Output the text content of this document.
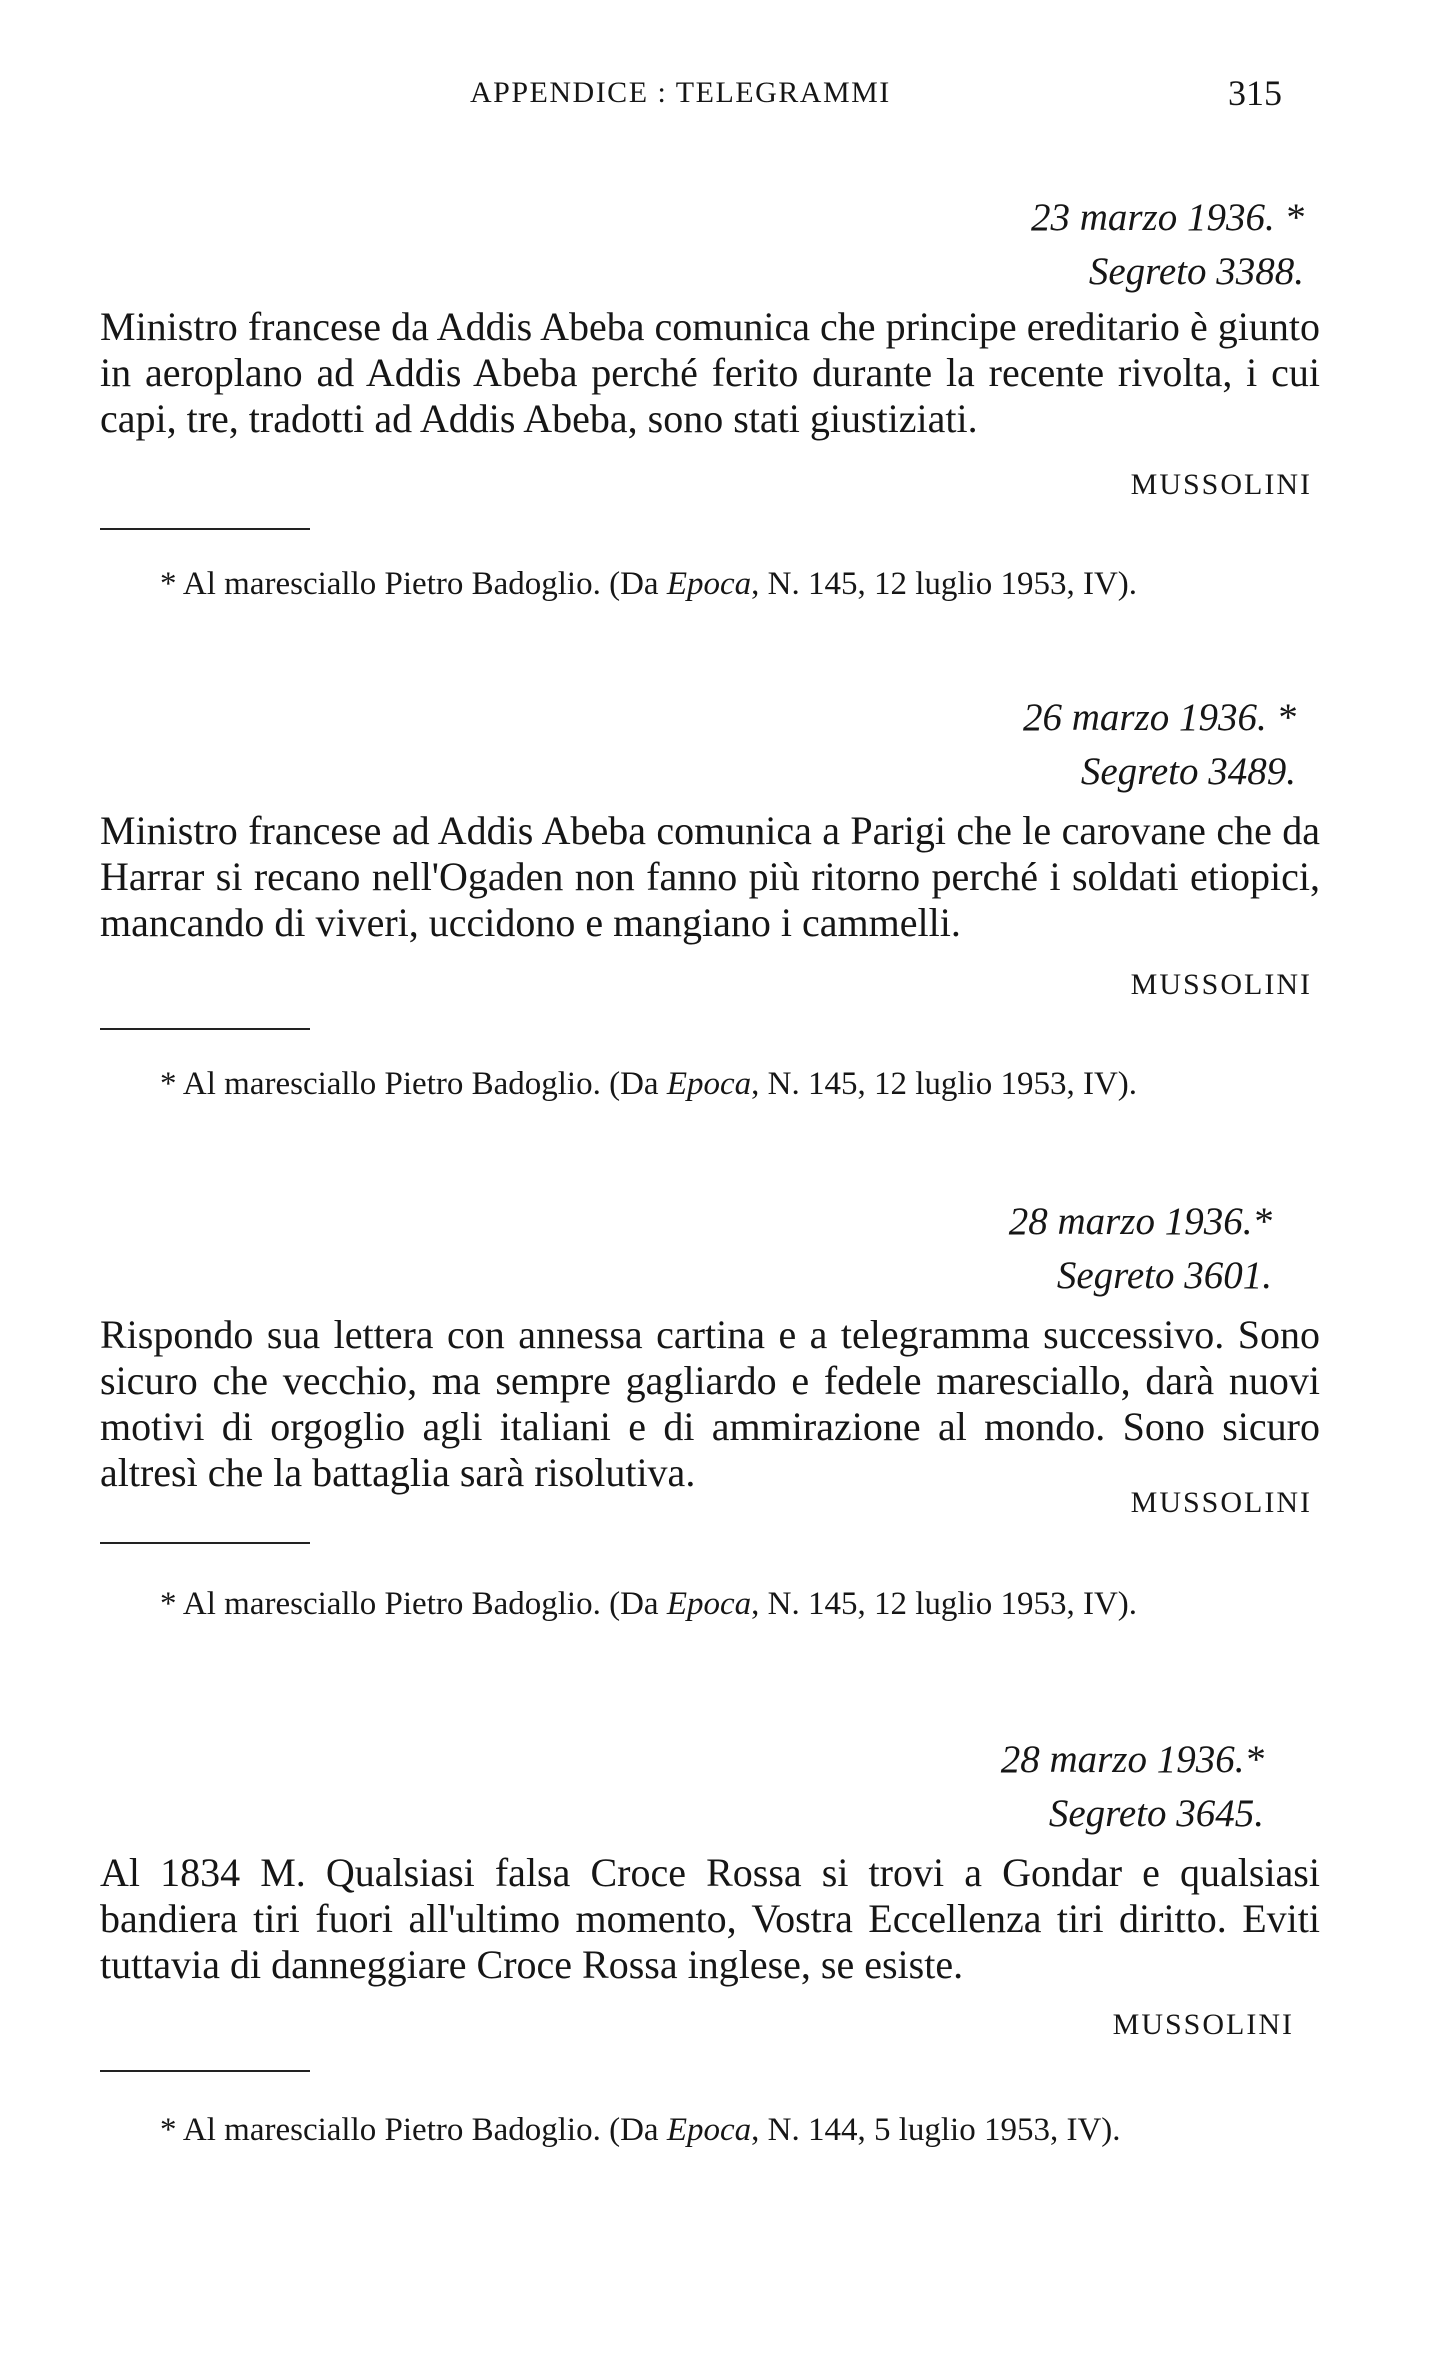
APPENDICE : TELEGRAMMI	315
23 marzo 1936. *
Segreto 3388.

Ministro francese da Addis Abeba comunica che principe ereditario è giunto in aeroplano ad Addis Abeba perché ferito durante la recente rivolta, i cui capi, tre, tradotti ad Addis Abeba, sono stati giustiziati.

MUSSOLINI
* Al maresciallo Pietro Badoglio. (Da Epoca, N. 145, 12 luglio 1953, IV).
26 marzo 1936. *
Segreto 3489.

Ministro francese ad Addis Abeba comunica a Parigi che le carovane che da Harrar si recano nell'Ogaden non fanno più ritorno perché i soldati etiopici, mancando di viveri, uccidono e mangiano i cammelli.

MUSSOLINI
* Al maresciallo Pietro Badoglio. (Da Epoca, N. 145, 12 luglio 1953, IV).
28 marzo 1936.*
Segreto 3601.

Rispondo sua lettera con annessa cartina e a telegramma successivo. Sono sicuro che vecchio, ma sempre gagliardo e fedele maresciallo, darà nuovi motivi di orgoglio agli italiani e di ammirazione al mondo. Sono sicuro altresì che la battaglia sarà risolutiva.

MUSSOLINI
* Al maresciallo Pietro Badoglio. (Da Epoca, N. 145, 12 luglio 1953, IV).
28 marzo 1936.*
Segreto 3645.

Al 1834 M. Qualsiasi falsa Croce Rossa si trovi a Gondar e qualsiasi bandiera tiri fuori all'ultimo momento, Vostra Eccellenza tiri diritto. Eviti tuttavia di danneggiare Croce Rossa inglese, se esiste.

MUSSOLINI
* Al maresciallo Pietro Badoglio. (Da Epoca, N. 144, 5 luglio 1953, IV).
